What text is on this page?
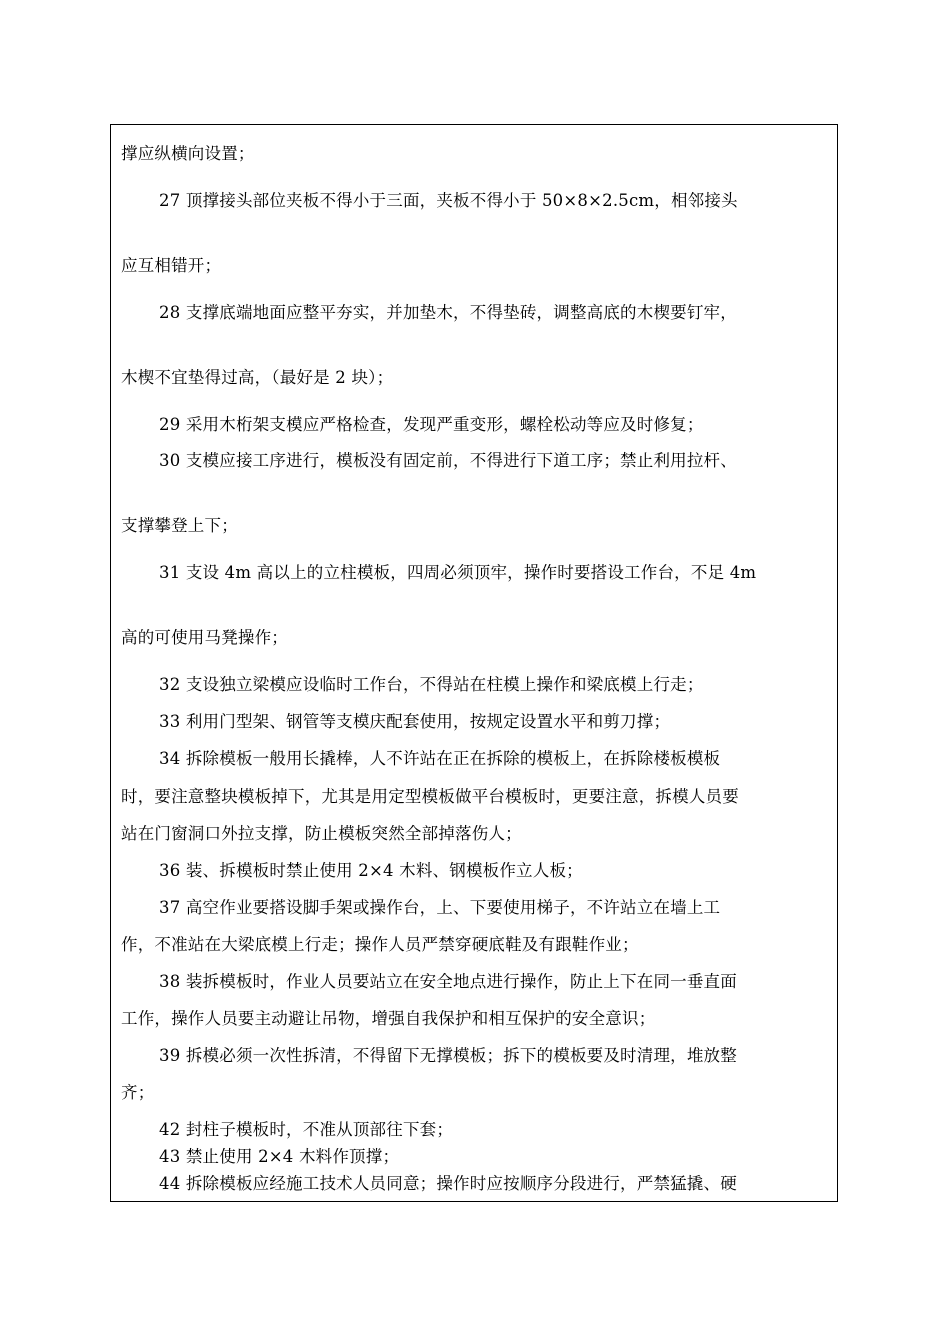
撑应纵横向设置；
27 顶撑接头部位夹板不得小于三面，夹板不得小于 50×8×2.5cm，相邻接头
应互相错开；
28 支撑底端地面应整平夯实，并加垫木，不得垫砖，调整高底的木楔要钉牢，
木楔不宜垫得过高，（最好是 2 块）；
29 采用木桁架支模应严格检查，发现严重变形，螺栓松动等应及时修复；
30 支模应接工序进行，模板没有固定前，不得进行下道工序；禁止利用拉杆、
支撑攀登上下；
31 支设 4m 高以上的立柱模板，四周必须顶牢，操作时要搭设工作台，不足 4m
高的可使用马凳操作；
32 支设独立梁模应设临时工作台，不得站在柱模上操作和梁底模上行走；
33 利用门型架、钢管等支模庆配套使用，按规定设置水平和剪刀撑；
34 拆除模板一般用长撬棒，人不许站在正在拆除的模板上，在拆除楼板模板
时，要注意整块模板掉下，尤其是用定型模板做平台模板时，更要注意，拆模人员要
站在门窗洞口外拉支撑，防止模板突然全部掉落伤人；
36 装、拆模板时禁止使用 2×4 木料、钢模板作立人板；
37 高空作业要搭设脚手架或操作台，上、下要使用梯子，不许站立在墙上工
作，不准站在大梁底模上行走；操作人员严禁穿硬底鞋及有跟鞋作业；
38 装拆模板时，作业人员要站立在安全地点进行操作，防止上下在同一垂直面
工作，操作人员要主动避让吊物，增强自我保护和相互保护的安全意识；
39 拆模必须一次性拆清，不得留下无撑模板；拆下的模板要及时清理，堆放整
齐；
42 封柱子模板时，不准从顶部往下套；
43 禁止使用 2×4 木料作顶撑；
44 拆除模板应经施工技术人员同意；操作时应按顺序分段进行，严禁猛撬、硬
